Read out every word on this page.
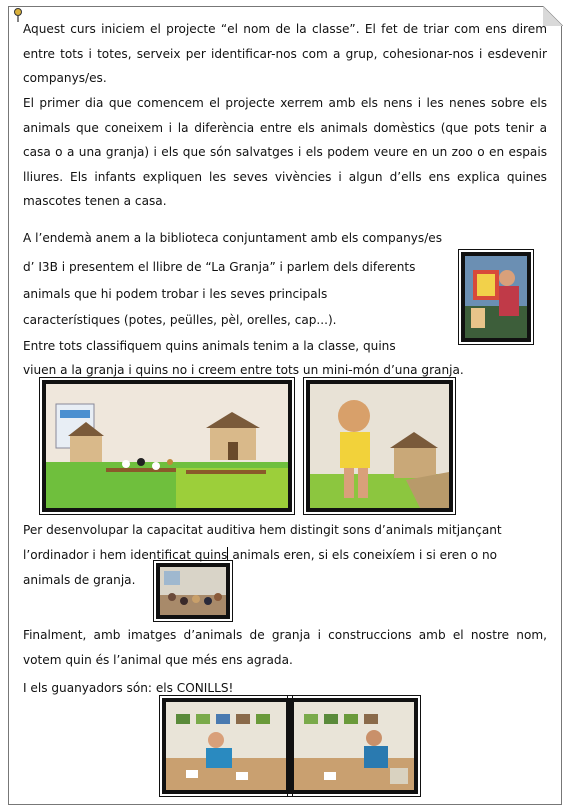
Aquest curs iniciem el projecte “el nom de la classe”. El fet de triar com ens direm entre tots i totes, serveix per identificar-nos com a grup, cohesionar-nos i esdevenir companys/es.

El primer dia que comencem el projecte xerrem amb els nens i les nenes sobre els animals que coneixem i la diferència entre els animals domèstics (que pots tenir a casa o a una granja) i els que són salvatges i els podem veure en un zoo o en espais lliures. Els infants expliquen les seves vivències i algun d’ells ens explica quines mascotes tenen a casa.

A l’endemà anem a la biblioteca conjuntament amb els companys/es

d’ I3B i presentem el llibre de “La Granja” i parlem dels diferents

animals que hi podem trobar i les seves principals

característiques (potes, peülles, pèl, orelles, cap...).

Entre tots classifiquem quins animals tenim a la classe, quins

viuen a la granja i quins no i creem entre tots un mini-món d’una granja.

Per desenvolupar la capacitat auditiva hem distingit sons d’animals mitjançant

l’ordinador i hem identificat quins animals eren, si els coneixíem i si eren o no

animals de granja.

Finalment, amb imatges d’animals de granja i construccions amb el nostre nom, votem quin és l’animal que més ens agrada.

I els guanyadors són: els CONILLS!
